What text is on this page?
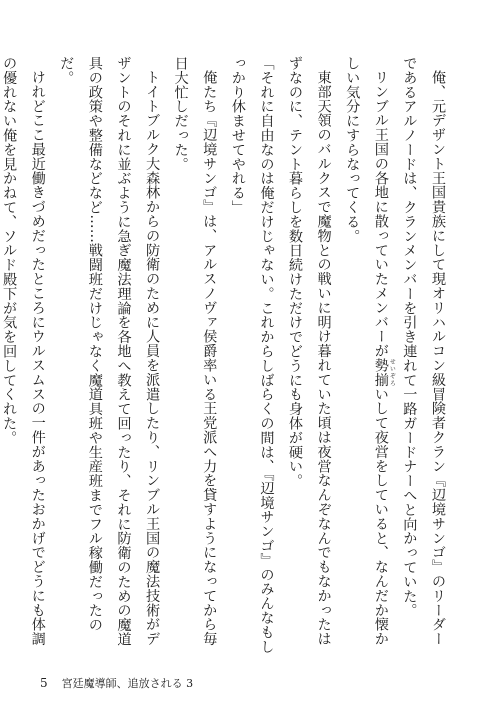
俺、元デザント王国貴族にして現オリハルコン級冒険者クラン『辺境サンゴ』のリーダーであるアルノードは、クランメンバーを引き連れて一路ガードナーへと向かっていた。

リンブル王国の各地に散っていたメンバーが勢揃 せいぞろいして夜営をしていると、なんだか懐かしい気分にすらなってくる。

東部天領のバルクスで魔物との戦いに明け暮れていた頃は夜営なんぞなんでもなかったはずなのに、テント暮らしを数日続けただけでどうにも身体が硬い。

「それに自由なのは俺だけじゃない。これからしばらくの間は、『辺境サンゴ』のみんなもしっかり休ませてやれる」

俺たち『辺境サンゴ』は、アルスノヴァ侯爵率いる王党派へ力を貸すようになってから毎日大忙しだった。

トイトブルク大森林からの防衛のために人員を派遣したり、リンブル王国の魔法技術がデザントのそれに並ぶように急ぎ魔法理論を各地へ教えて回ったり、それに防衛のための魔道具の政策や整備などなど……戦闘班だけじゃなく魔道具班や生産班までフル稼働だったのだ。

けれどここ最近働きづめだったところにウルスムスの一件があったおかげでどうにも体調の優れない俺を見かねて、ソルド殿下が気を回してくれた。

5 宮廷魔導師、追放される 3
